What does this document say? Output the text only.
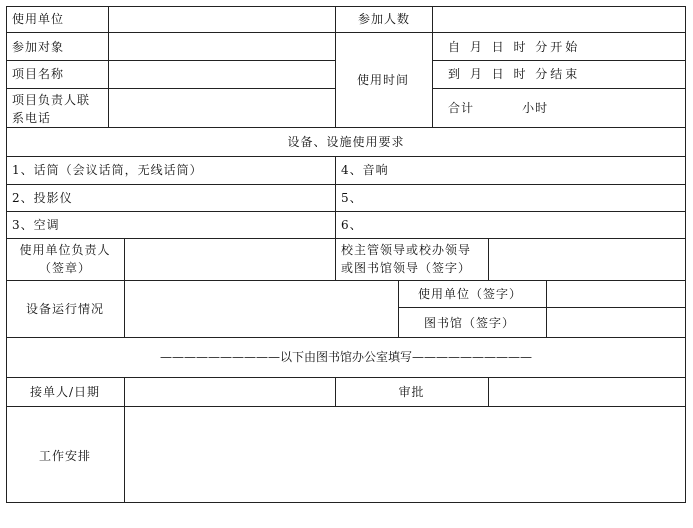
使用单位	参加人数
参加对象
项目名称
项目负责人联
系电话
使用时间
自 月 日 时 分开始
到 月 日 时 分结束
合计          小时
设备、设施使用要求
1、话筒（会议话筒，无线话筒）
2、投影仪
3、空调
4、音响
5、
6、
使用单位负责人
（签章）
校主管领导或校办领导
或图书馆领导（签字）
设备运行情况
使用单位（签字）
图书馆（签字）
——————————以下由图书馆办公室填写——————————
接单人/日期	审批
工作安排
